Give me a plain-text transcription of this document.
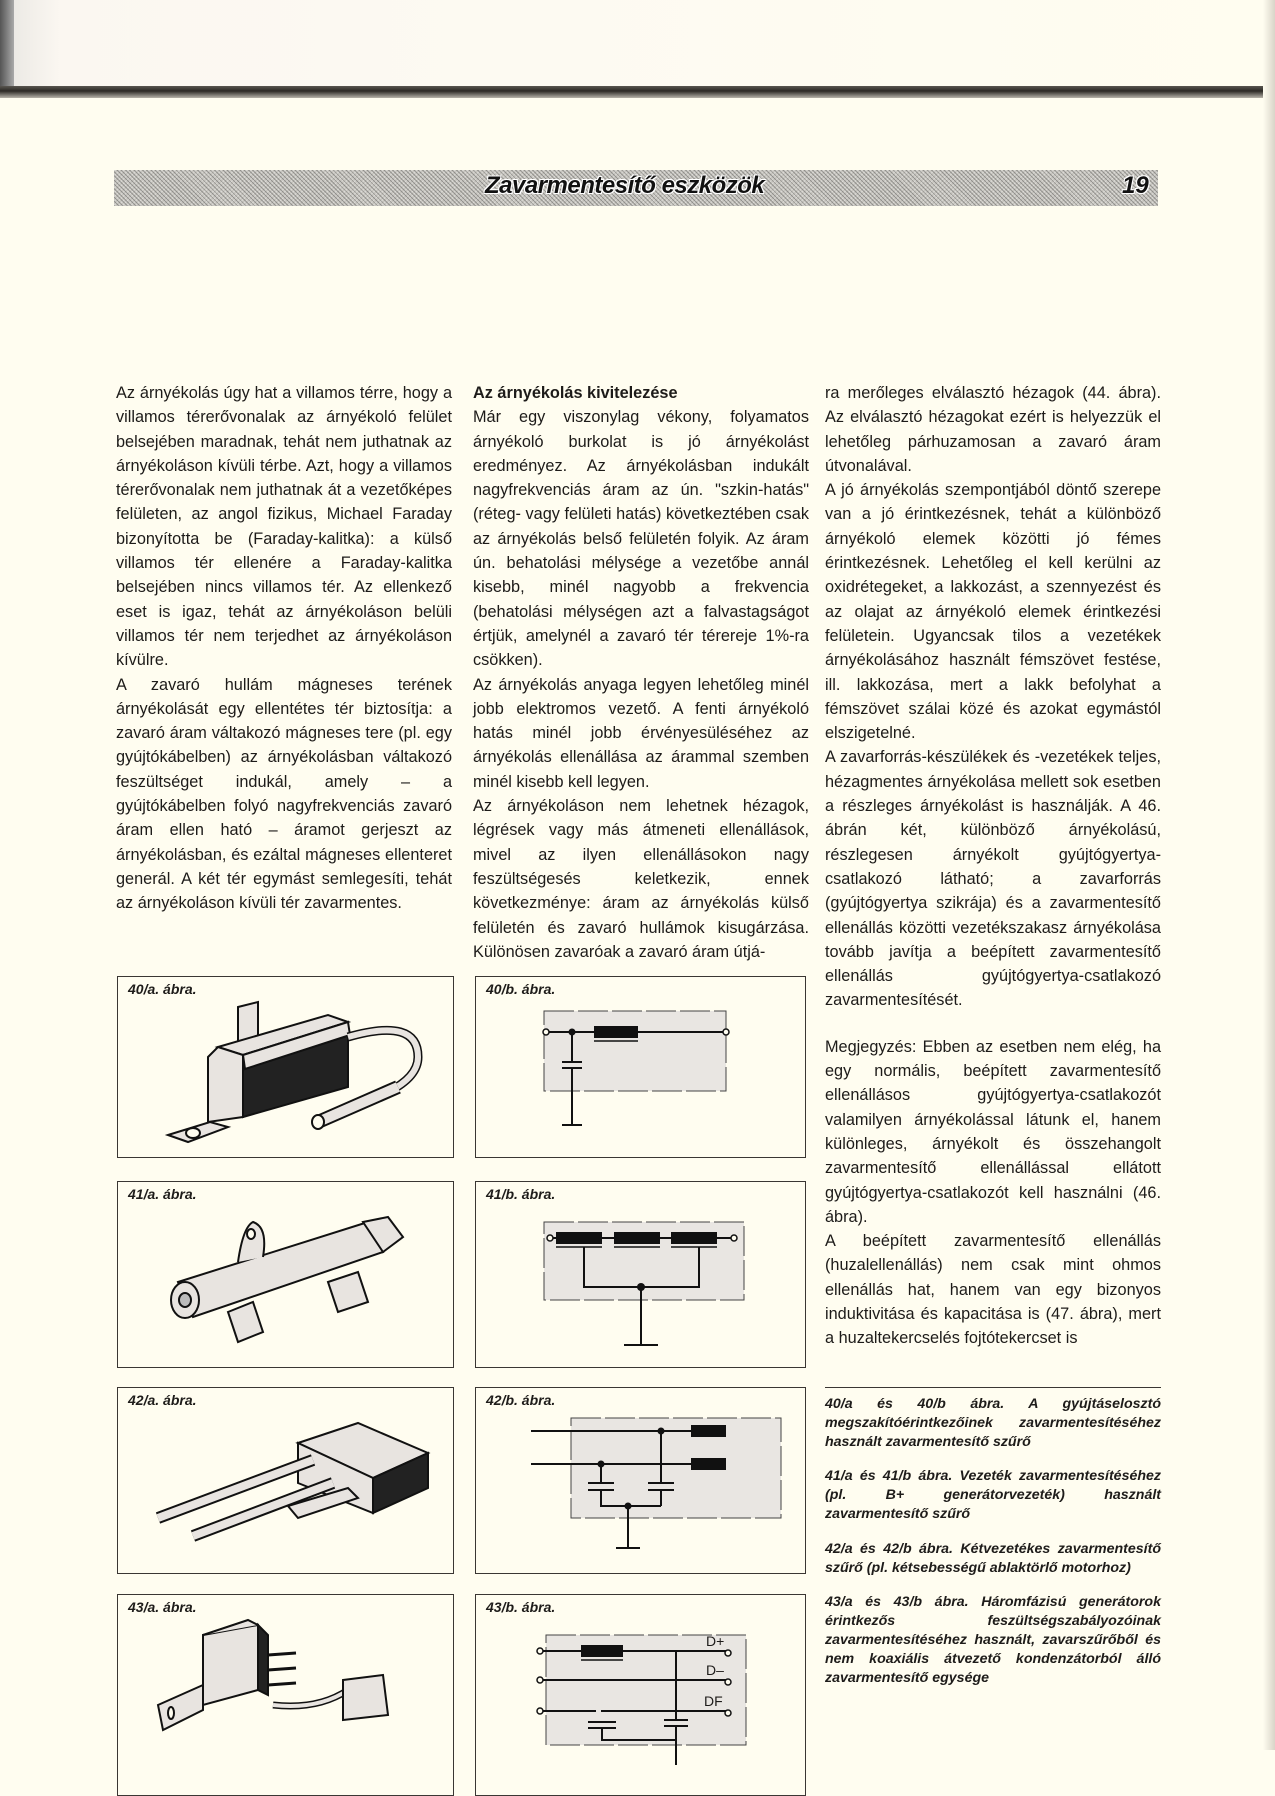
Zavarmentesítő eszközök	19

Az árnyékolás úgy hat a villamos térre, hogy a villamos térerővonalak az árnyékoló felület belsejében maradnak, tehát nem juthatnak az árnyékoláson kívüli térbe. Azt, hogy a villamos térerővonalak nem juthatnak át a vezetőképes felületen, az angol fizikus, Michael Faraday bizonyította be (Faraday-kalitka): a külső villamos tér ellenére a Faraday-kalitka belsejében nincs villamos tér. Az ellenkező eset is igaz, tehát az árnyékoláson belüli villamos tér nem terjedhet az árnyékoláson kívülre.

A zavaró hullám mágneses terének árnyékolását egy ellentétes tér biztosítja: a zavaró áram váltakozó mágneses tere (pl. egy gyújtókábelben) az árnyékolásban váltakozó feszültséget indukál, amely – a gyújtókábelben folyó nagyfrekvenciás zavaró áram ellen ható – áramot gerjeszt az árnyékolásban, és ezáltal mágneses ellenteret generál. A két tér egymást semlegesíti, tehát az árnyékoláson kívüli tér zavarmentes.

Az árnyékolás kivitelezése

Már egy viszonylag vékony, folyamatos árnyékoló burkolat is jó árnyékolást eredményez. Az árnyékolásban indukált nagyfrekvenciás áram az ún. "szkin-hatás" (réteg- vagy felületi hatás) következtében csak az árnyékolás belső felületén folyik. Az áram ún. behatolási mélysége a vezetőbe annál kisebb, minél nagyobb a frekvencia (behatolási mélységen azt a falvastagságot értjük, amelynél a zavaró tér térereje 1%-ra csökken).

Az árnyékolás anyaga legyen lehetőleg minél jobb elektromos vezető. A fenti árnyékoló hatás minél jobb érvényesüléséhez az árnyékolás ellenállása az árammal szemben minél kisebb kell legyen.

Az árnyékoláson nem lehetnek hézagok, légrések vagy más átmeneti ellenállások, mivel az ilyen ellenállásokon nagy feszültségesés keletkezik, ennek következménye: áram az árnyékolás külső felületén és zavaró hullámok kisugárzása. Különösen zavaróak a zavaró áram útjá-

ra merőleges elválasztó hézagok (44. ábra). Az elválasztó hézagokat ezért is helyezzük el lehetőleg párhuzamosan a zavaró áram útvonalával.

A jó árnyékolás szempontjából döntő szerepe van a jó érintkezésnek, tehát a különböző árnyékoló elemek közötti jó fémes érintkezésnek. Lehetőleg el kell kerülni az oxidrétegeket, a lakkozást, a szennyezést és az olajat az árnyékoló elemek érintkezési felületein. Ugyancsak tilos a vezetékek árnyékolásához használt fémszövet festése, ill. lakkozása, mert a lakk befolyhat a fémszövet szálai közé és azokat egymástól elszigetelné.

A zavarforrás-készülékek és -vezetékek teljes, hézagmentes árnyékolása mellett sok esetben a részleges árnyékolást is használják. A 46. ábrán két, különböző árnyékolású, részlegesen árnyékolt gyújtógyertya-csatlakozó látható; a zavarforrás (gyújtógyertya szikrája) és a zavarmentesítő ellenállás közötti vezetékszakasz árnyékolása tovább javítja a beépített zavarmentesítő ellenállás gyújtógyertya-csatlakozó zavarmentesítését.

Megjegyzés: Ebben az esetben nem elég, ha egy normális, beépített zavarmentesítő ellenállásos gyújtógyertya-csatlakozót valamilyen árnyékolással látunk el, hanem különleges, árnyékolt és összehangolt zavarmentesítő ellenállással ellátott gyújtógyertya-csatlakozót kell használni (46. ábra).

A beépített zavarmentesítő ellenállás (huzalellenállás) nem csak mint ohmos ellenállás hat, hanem van egy bizonyos induktivitása és kapacitása is (47. ábra), mert a huzaltekercselés fojtótekercset is

40/a. ábra.	40/b. ábra.
41/a. ábra.	41/b. ábra.
42/a. ábra.	42/b. ábra.
43/a. ábra.	43/b. ábra.
D+
D–
DF

40/a és 40/b ábra. A gyújtáselosztó megszakítóérintkezőinek zavarmentesítéséhez használt zavarmentesítő szűrő

41/a és 41/b ábra. Vezeték zavarmentesítéséhez (pl. B+ generátorvezeték) használt zavarmentesítő szűrő

42/a és 42/b ábra. Kétvezetékes zavarmentesítő szűrő (pl. kétsebességű ablaktörlő motorhoz)

43/a és 43/b ábra. Háromfázisú generátorok érintkezős feszültségszabályozóinak zavarmentesítéséhez használt, zavarszűrőből és nem koaxiális átvezető kondenzátorból álló zavarmentesítő egysége
